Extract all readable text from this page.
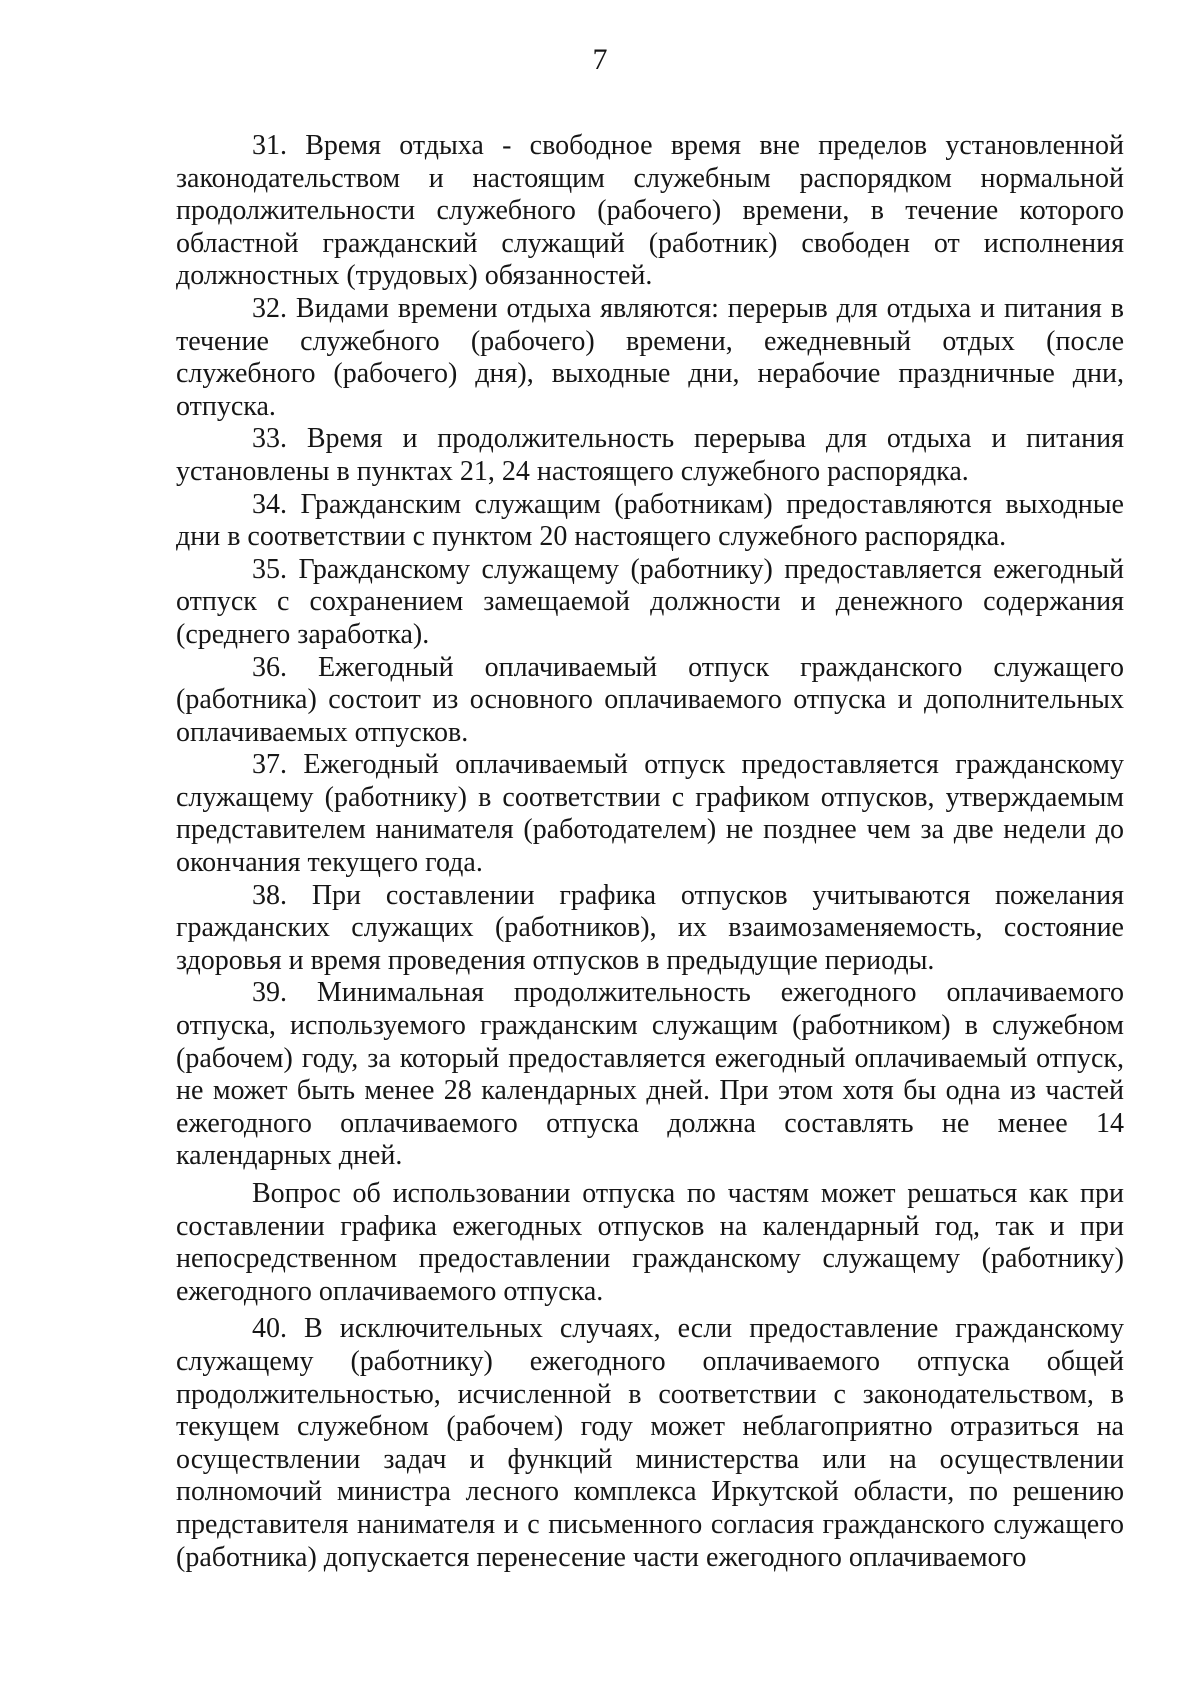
7

31. Время отдыха - свободное время вне пределов установленной законодательством и настоящим служебным распорядком нормальной продолжительности служебного (рабочего) времени, в течение которого областной гражданский служащий (работник) свободен от исполнения должностных (трудовых) обязанностей.

32. Видами времени отдыха являются: перерыв для отдыха и питания в течение служебного (рабочего) времени, ежедневный отдых (после служебного (рабочего) дня), выходные дни, нерабочие праздничные дни, отпуска.

33. Время и продолжительность перерыва для отдыха и питания установлены в пунктах 21, 24 настоящего служебного распорядка.

34. Гражданским служащим (работникам) предоставляются выходные дни в соответствии с пунктом 20 настоящего служебного распорядка.

35. Гражданскому служащему (работнику) предоставляется ежегодный отпуск с сохранением замещаемой должности и денежного содержания (среднего заработка).

36. Ежегодный оплачиваемый отпуск гражданского служащего (работника) состоит из основного оплачиваемого отпуска и дополнительных оплачиваемых отпусков.

37. Ежегодный оплачиваемый отпуск предоставляется гражданскому служащему (работнику) в соответствии с графиком отпусков, утверждаемым представителем нанимателя (работодателем) не позднее чем за две недели до окончания текущего года.

38. При составлении графика отпусков учитываются пожелания гражданских служащих (работников), их взаимозаменяемость, состояние здоровья и время проведения отпусков в предыдущие периоды.

39. Минимальная продолжительность ежегодного оплачиваемого отпуска, используемого гражданским служащим (работником) в служебном (рабочем) году, за который предоставляется ежегодный оплачиваемый отпуск, не может быть менее 28 календарных дней. При этом хотя бы одна из частей ежегодного оплачиваемого отпуска должна составлять не менее 14 календарных дней.

Вопрос об использовании отпуска по частям может решаться как при составлении графика ежегодных отпусков на календарный год, так и при непосредственном предоставлении гражданскому служащему (работнику) ежегодного оплачиваемого отпуска.

40. В исключительных случаях, если предоставление гражданскому служащему (работнику) ежегодного оплачиваемого отпуска общей продолжительностью, исчисленной в соответствии с законодательством, в текущем служебном (рабочем) году может неблагоприятно отразиться на осуществлении задач и функций министерства или на осуществлении полномочий министра лесного комплекса Иркутской области, по решению представителя нанимателя и с письменного согласия гражданского служащего (работника) допускается перенесение части ежегодного оплачиваемого
